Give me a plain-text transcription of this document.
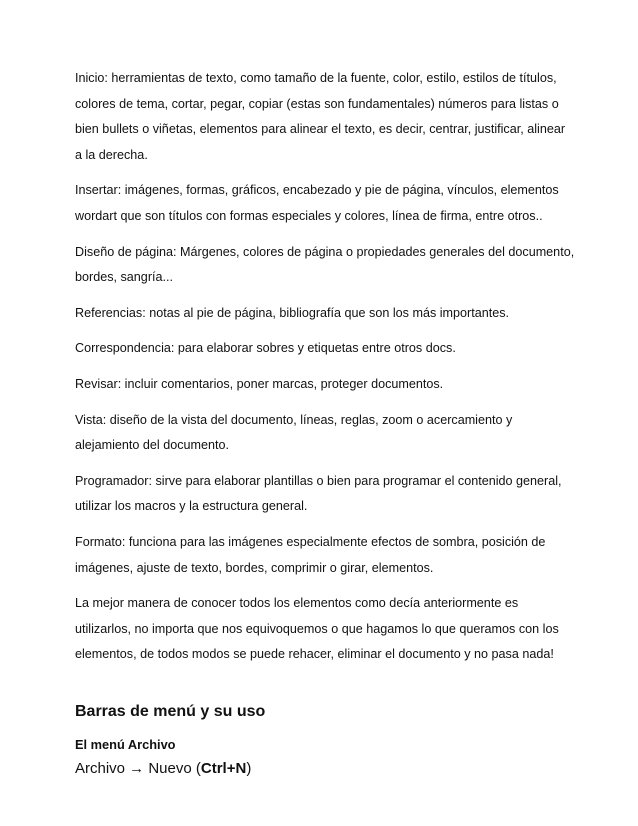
Inicio: herramientas de texto, como tamaño de la fuente, color, estilo, estilos de títulos, colores de tema, cortar, pegar, copiar (estas son fundamentales) números para listas o bien bullets o viñetas, elementos para alinear el texto, es decir, centrar, justificar, alinear a la derecha.

Insertar: imágenes, formas, gráficos, encabezado y pie de página, vínculos, elementos wordart que son títulos con formas especiales y colores, línea de firma, entre otros..

Diseño de página: Márgenes, colores de página o propiedades generales del documento, bordes, sangría...

Referencias: notas al pie de página, bibliografía que son los más importantes.

Correspondencia: para elaborar sobres y etiquetas entre otros docs.

Revisar: incluir comentarios, poner marcas, proteger documentos.

Vista: diseño de la vista del documento, líneas, reglas, zoom o acercamiento y alejamiento del documento.

Programador: sirve para elaborar plantillas o bien para programar el contenido general, utilizar los macros y la estructura general.

Formato: funciona para las imágenes especialmente efectos de sombra, posición de imágenes, ajuste de texto, bordes, comprimir o girar, elementos.

La mejor manera de conocer todos los elementos como decía anteriormente es utilizarlos, no importa que nos equivoquemos o que hagamos lo que queramos con los elementos, de todos modos se puede rehacer, eliminar el documento y no pasa nada!

Barras de menú y su uso
El menú Archivo

Archivo → Nuevo (Ctrl+N)
